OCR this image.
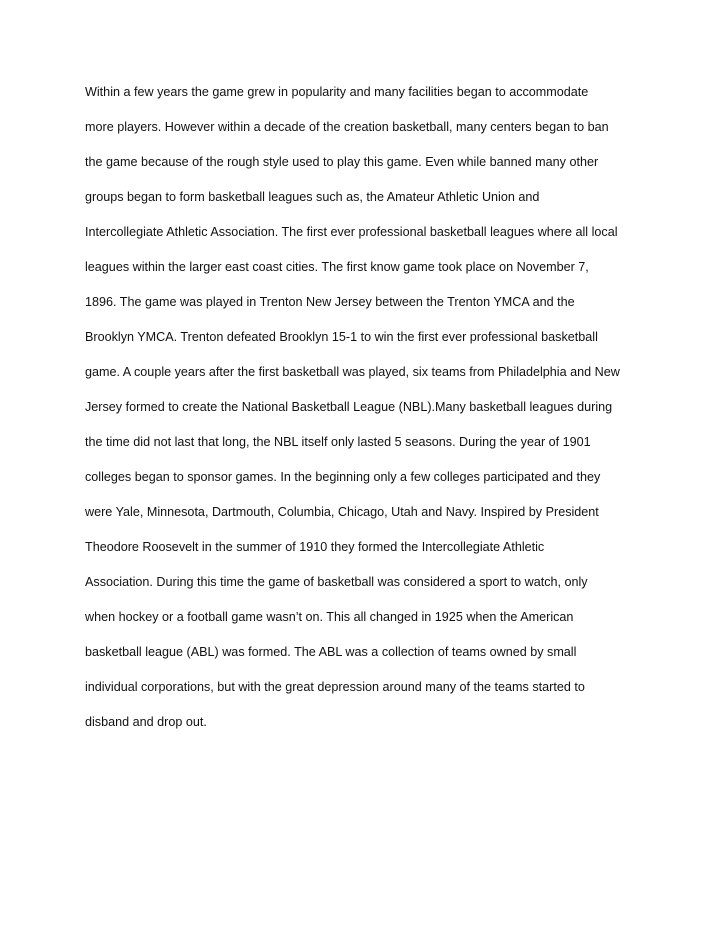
Within a few years the game grew in popularity and many facilities began to accommodate
more players. However within a decade of the creation basketball, many centers began to ban
the game because of the rough style used to play this game. Even while banned many other
groups began to form basketball leagues such as, the Amateur Athletic Union and
Intercollegiate Athletic Association. The first ever professional basketball leagues where all local
leagues within the larger east coast cities. The first know game took place on November 7,
1896. The game was played in Trenton New Jersey between the Trenton YMCA and the
Brooklyn YMCA. Trenton defeated Brooklyn 15-1 to win the first ever professional basketball
game. A couple years after the first basketball was played, six teams from Philadelphia and New
Jersey formed to create the National Basketball League (NBL).Many basketball leagues during
the time did not last that long, the NBL itself only lasted 5 seasons. During the year of 1901
colleges began to sponsor games. In the beginning only a few colleges participated and they
were Yale, Minnesota, Dartmouth, Columbia, Chicago, Utah and Navy. Inspired by President
Theodore Roosevelt in the summer of 1910 they formed the Intercollegiate Athletic
Association. During this time the game of basketball was considered a sport to watch, only
when hockey or a football game wasn’t on. This all changed in 1925 when the American
basketball league (ABL) was formed. The ABL was a collection of teams owned by small
individual corporations, but with the great depression around many of the teams started to
disband and drop out.
